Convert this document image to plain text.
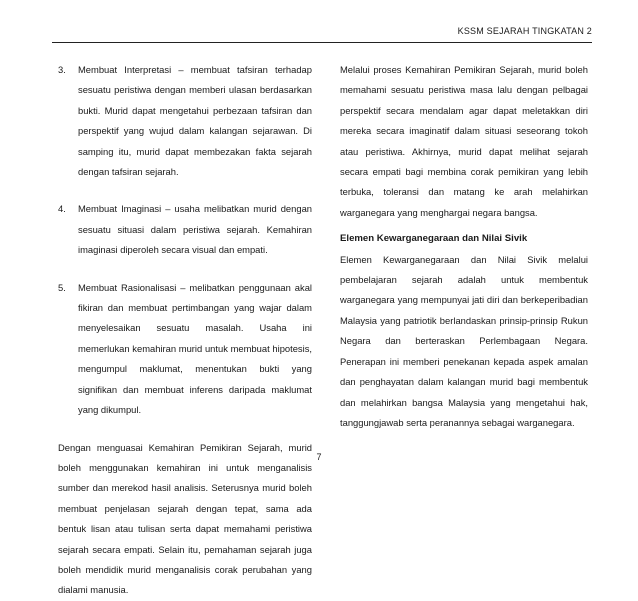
KSSM SEJARAH TINGKATAN 2
3.	Membuat Interpretasi – membuat tafsiran terhadap sesuatu peristiwa dengan memberi ulasan berdasarkan bukti. Murid dapat mengetahui perbezaan tafsiran dan perspektif yang wujud dalam kalangan sejarawan. Di samping itu, murid dapat membezakan fakta sejarah dengan tafsiran sejarah.
4.	Membuat Imaginasi – usaha melibatkan murid dengan sesuatu situasi dalam peristiwa sejarah. Kemahiran imaginasi diperoleh secara visual dan empati.
5.	Membuat Rasionalisasi – melibatkan penggunaan akal fikiran dan membuat pertimbangan yang wajar dalam menyelesaikan sesuatu masalah. Usaha ini memerlukan kemahiran murid untuk membuat hipotesis, mengumpul maklumat, menentukan bukti yang signifikan dan membuat inferens daripada maklumat yang dikumpul.

Dengan menguasai Kemahiran Pemikiran Sejarah, murid boleh menggunakan kemahiran ini untuk menganalisis sumber dan merekod hasil analisis. Seterusnya murid boleh membuat penjelasan sejarah dengan tepat, sama ada bentuk lisan atau tulisan serta dapat memahami peristiwa sejarah secara empati. Selain itu, pemahaman sejarah juga boleh mendidik murid menganalisis corak perubahan yang dialami manusia.

Melalui proses Kemahiran Pemikiran Sejarah, murid boleh memahami sesuatu peristiwa masa lalu dengan pelbagai perspektif secara mendalam agar dapat meletakkan diri mereka secara imaginatif dalam situasi seseorang tokoh atau peristiwa. Akhirnya, murid dapat melihat sejarah secara empati bagi membina corak pemikiran yang lebih terbuka, toleransi dan matang ke arah melahirkan warganegara yang menghargai negara bangsa.

Elemen Kewarganegaraan dan Nilai Sivik

Elemen Kewarganegaraan dan Nilai Sivik melalui pembelajaran sejarah adalah untuk membentuk warganegara yang mempunyai jati diri dan berkeperibadian Malaysia yang patriotik berlandaskan prinsip-prinsip Rukun Negara dan berteraskan Perlembagaan Negara. Penerapan ini memberi penekanan kepada aspek amalan dan penghayatan dalam kalangan murid bagi membentuk dan melahirkan bangsa Malaysia yang mengetahui hak, tanggungjawab serta peranannya sebagai warganegara.

7
